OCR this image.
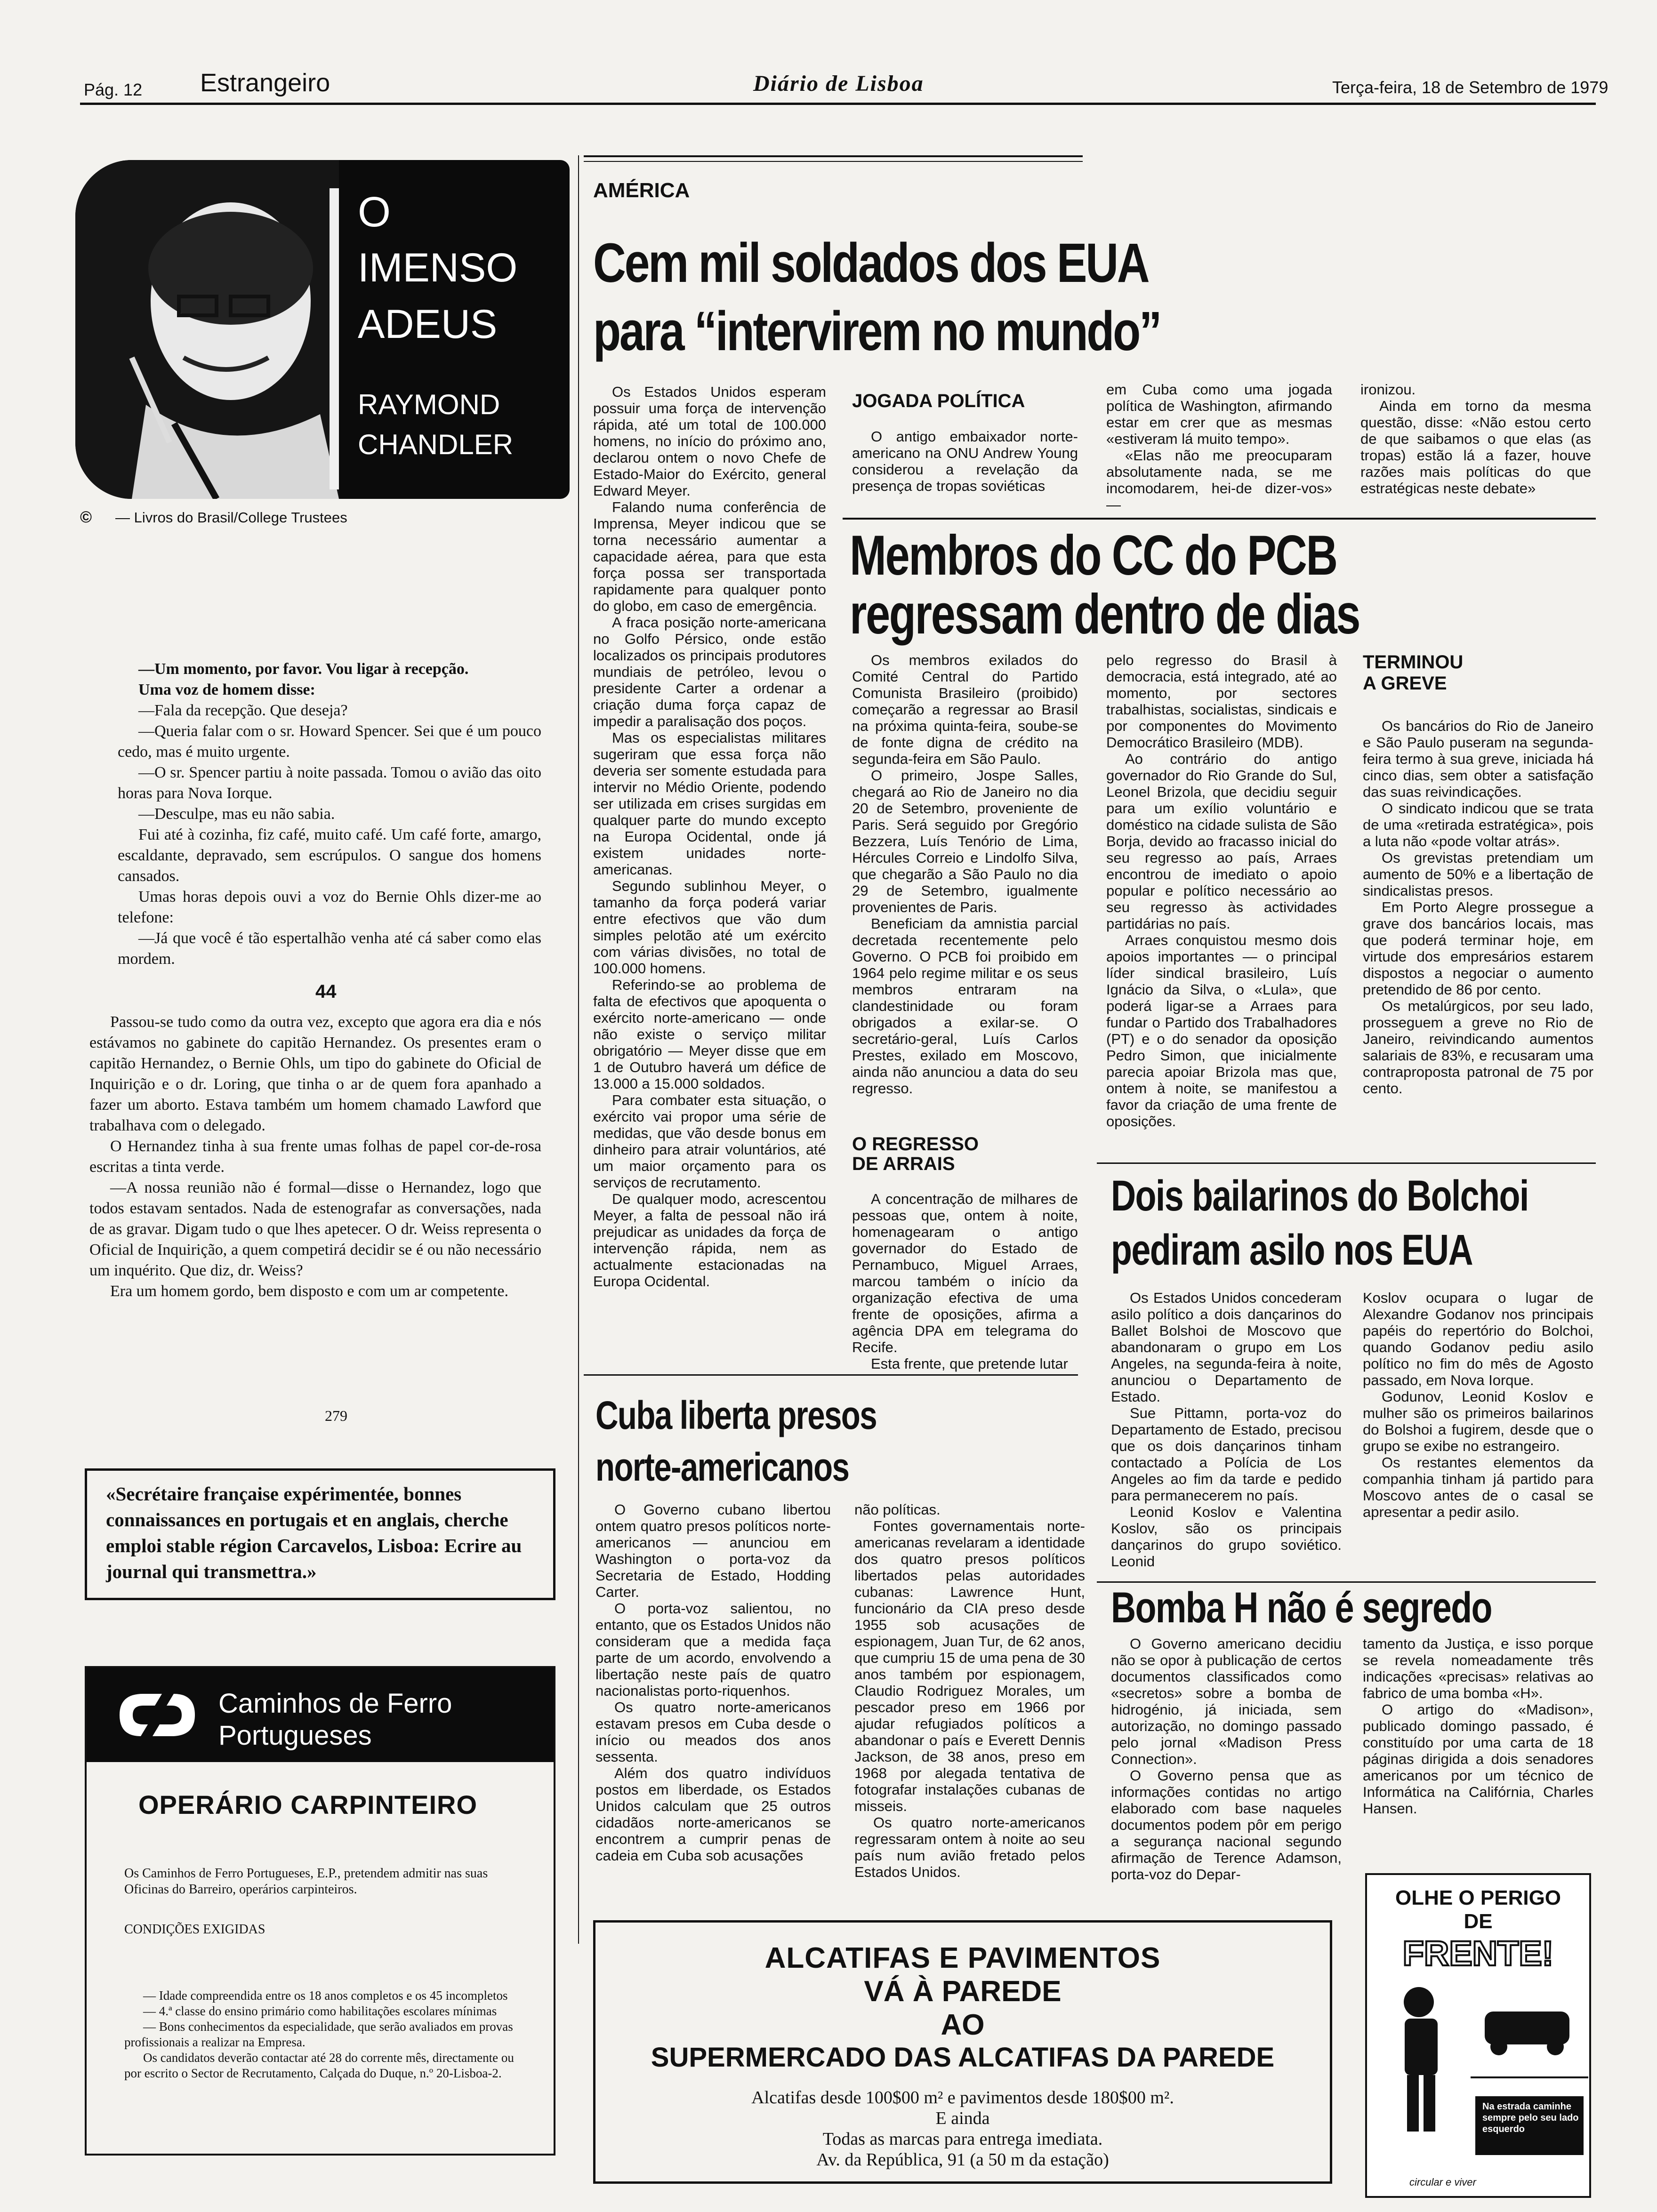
Pág. 12 Estrangeiro	Diário de Lisboa	Terça-feira, 18 de Setembro de 1979
O
IMENSO
ADEUS
RAYMOND
CHANDLER
© — Livros do Brasil/College Trustees

—Um momento, por favor. Vou ligar à recepção.

Uma voz de homem disse:

—Fala da recepção. Que deseja?

—Queria falar com o sr. Howard Spencer. Sei que é um pouco cedo, mas é muito urgente.

—O sr. Spencer partiu à noite passada. Tomou o avião das oito horas para Nova Iorque.

—Desculpe, mas eu não sabia.

Fui até à cozinha, fiz café, muito café. Um café forte, amargo, escaldante, depravado, sem escrúpulos. O sangue dos homens cansados.

Umas horas depois ouvi a voz do Bernie Ohls dizer-me ao telefone:

—Já que você é tão espertalhão venha até cá saber como elas mordem.

44

Passou-se tudo como da outra vez, excepto que agora era dia e nós estávamos no gabinete do capitão Hernandez. Os presentes eram o capitão Hernandez, o Bernie Ohls, um tipo do gabinete do Oficial de Inquirição e o dr. Loring, que tinha o ar de quem fora apanhado a fazer um aborto. Estava também um homem chamado Lawford que trabalhava com o delegado.

O Hernandez tinha à sua frente umas folhas de papel cor-de-rosa escritas a tinta verde.

—A nossa reunião não é formal—disse o Hernandez, logo que todos estavam sentados. Nada de estenografar as conversações, nada de as gravar. Digam tudo o que lhes apetecer. O dr. Weiss representa o Oficial de Inquirição, a quem competirá decidir se é ou não necessário um inquérito. Que diz, dr. Weiss?

Era um homem gordo, bem disposto e com um ar competente.

279
«Secrétaire française expérimentée, bonnes connaissances en portugais et en anglais, cherche emploi stable région Carcavelos, Lisboa: Ecrire au journal qui transmettra.»
Caminhos de Ferro
Portugueses
OPERÁRIO CARPINTEIRO
Os Caminhos de Ferro Portugueses, E.P., pretendem admitir nas suas Oficinas do Barreiro, operários carpinteiros.
CONDIÇÕES EXIGIDAS
— Idade compreendida entre os 18 anos completos e os 45 incompletos
— 4.ª classe do ensino primário como habilitações escolares mínimas
— Bons conhecimentos da especialidade, que serão avaliados em provas profissionais a realizar na Empresa.
Os candidatos deverão contactar até 28 do corrente mês, directamente ou por escrito o Sector de Recrutamento, Calçada do Duque, n.º 20-Lisboa-2.
AMÉRICA
Cem mil soldados dos EUA
para “intervirem no mundo”

Os Estados Unidos esperam possuir uma força de intervenção rápida, até um total de 100.000 homens, no início do próximo ano, declarou ontem o novo Chefe de Estado-Maior do Exército, general Edward Meyer.

Falando numa conferência de Imprensa, Meyer indicou que se torna necessário aumentar a capacidade aérea, para que esta força possa ser transportada rapidamente para qualquer ponto do globo, em caso de emergência.

A fraca posição norte-americana no Golfo Pérsico, onde estão localizados os principais produtores mundiais de petróleo, levou o presidente Carter a ordenar a criação duma força capaz de impedir a paralisação dos poços.

Mas os especialistas militares sugeriram que essa força não deveria ser somente estudada para intervir no Médio Oriente, podendo ser utilizada em crises surgidas em qualquer parte do mundo excepto na Europa Ocidental, onde já existem unidades norte-americanas.

Segundo sublinhou Meyer, o tamanho da força poderá variar entre efectivos que vão dum simples pelotão até um exército com várias divisões, no total de 100.000 homens.

Referindo-se ao problema de falta de efectivos que apoquenta o exército norte-americano — onde não existe o serviço militar obrigatório — Meyer disse que em 1 de Outubro haverá um défice de 13.000 a 15.000 soldados.

Para combater esta situação, o exército vai propor uma série de medidas, que vão desde bonus em dinheiro para atrair voluntários, até um maior orçamento para os serviços de recrutamento.

De qualquer modo, acrescentou Meyer, a falta de pessoal não irá prejudicar as unidades da força de intervenção rápida, nem as actualmente estacionadas na Europa Ocidental.

JOGADA POLÍTICA

O antigo embaixador norte-americano na ONU Andrew Young considerou a revelação da presença de tropas soviéticas

em Cuba como uma jogada política de Washington, afirmando estar em crer que as mesmas «estiveram lá muito tempo».

«Elas não me preocuparam absolutamente nada, se me incomodarem, hei-de dizer-vos» —

ironizou.

Ainda em torno da mesma questão, disse: «Não estou certo de que saibamos o que elas (as tropas) estão lá a fazer, houve razões mais políticas do que estratégicas neste debate»

Membros do CC do PCB
regressam dentro de dias

Os membros exilados do Comité Central do Partido Comunista Brasileiro (proibido) começarão a regressar ao Brasil na próxima quinta-feira, soube-se de fonte digna de crédito na segunda-feira em São Paulo.

O primeiro, Jospe Salles, chegará ao Rio de Janeiro no dia 20 de Setembro, proveniente de Paris. Será seguido por Gregório Bezzera, Luís Tenório de Lima, Hércules Correio e Lindolfo Silva, que chegarão a São Paulo no dia 29 de Setembro, igualmente provenientes de Paris.

Beneficiam da amnistia parcial decretada recentemente pelo Governo. O PCB foi proibido em 1964 pelo regime militar e os seus membros entraram na clandestinidade ou foram obrigados a exilar-se. O secretário-geral, Luís Carlos Prestes, exilado em Moscovo, ainda não anunciou a data do seu regresso.

O REGRESSO DE ARRAIS

A concentração de milhares de pessoas que, ontem à noite, homenagearam o antigo governador do Estado de Pernambuco, Miguel Arraes, marcou também o início da organização efectiva de uma frente de oposições, afirma a agência DPA em telegrama do Recife.

Esta frente, que pretende lutar

pelo regresso do Brasil à democracia, está integrado, até ao momento, por sectores trabalhistas, socialistas, sindicais e por componentes do Movimento Democrático Brasileiro (MDB).

Ao contrário do antigo governador do Rio Grande do Sul, Leonel Brizola, que decidiu seguir para um exílio voluntário e doméstico na cidade sulista de São Borja, devido ao fracasso inicial do seu regresso ao país, Arraes encontrou de imediato o apoio popular e político necessário ao seu regresso às actividades partidárias no país.

Arraes conquistou mesmo dois apoios importantes — o principal líder sindical brasileiro, Luís Ignácio da Silva, o «Lula», que poderá ligar-se a Arraes para fundar o Partido dos Trabalhadores (PT) e o do senador da oposição Pedro Simon, que inicialmente parecia apoiar Brizola mas que, ontem à noite, se manifestou a favor da criação de uma frente de oposições.

TERMINOU
A GREVE

Os bancários do Rio de Janeiro e São Paulo puseram na segunda-feira termo à sua greve, iniciada há cinco dias, sem obter a satisfação das suas reivindicações.

O sindicato indicou que se trata de uma «retirada estratégica», pois a luta não «pode voltar atrás».

Os grevistas pretendiam um aumento de 50% e a libertação de sindicalistas presos.

Em Porto Alegre prossegue a grave dos bancários locais, mas que poderá terminar hoje, em virtude dos empresários estarem dispostos a negociar o aumento pretendido de 86 por cento.

Os metalúrgicos, por seu lado, prosseguem a greve no Rio de Janeiro, reivindicando aumentos salariais de 83%, e recusaram uma contraproposta patronal de 75 por cento.

Dois bailarinos do Bolchoi
pediram asilo nos EUA

Os Estados Unidos concederam asilo político a dois dançarinos do Ballet Bolshoi de Moscovo que abandonaram o grupo em Los Angeles, na segunda-feira à noite, anunciou o Departamento de Estado.

Sue Pittamn, porta-voz do Departamento de Estado, precisou que os dois dançarinos tinham contactado a Polícia de Los Angeles ao fim da tarde e pedido para permanecerem no país.

Leonid Koslov e Valentina Koslov, são os principais dançarinos do grupo soviético. Leonid

Koslov ocupara o lugar de Alexandre Godanov nos principais papéis do repertório do Bolchoi, quando Godanov pediu asilo político no fim do mês de Agosto passado, em Nova Iorque.

Godunov, Leonid Koslov e mulher são os primeiros bailarinos do Bolshoi a fugirem, desde que o grupo se exibe no estrangeiro.

Os restantes elementos da companhia tinham já partido para Moscovo antes de o casal se apresentar a pedir asilo.

Cuba liberta presos
norte-americanos

O Governo cubano libertou ontem quatro presos políticos norte-americanos — anunciou em Washington o porta-voz da Secretaria de Estado, Hodding Carter.

O porta-voz salientou, no entanto, que os Estados Unidos não consideram que a medida faça parte de um acordo, envolvendo a libertação neste país de quatro nacionalistas porto-riquenhos.

Os quatro norte-americanos estavam presos em Cuba desde o início ou meados dos anos sessenta.

Além dos quatro indivíduos postos em liberdade, os Estados Unidos calculam que 25 outros cidadãos norte-americanos se encontrem a cumprir penas de cadeia em Cuba sob acusações

não políticas.

Fontes governamentais norte-americanas revelaram a identidade dos quatro presos políticos libertados pelas autoridades cubanas: Lawrence Hunt, funcionário da CIA preso desde 1955 sob acusações de espionagem, Juan Tur, de 62 anos, que cumpriu 15 de uma pena de 30 anos também por espionagem, Claudio Rodriguez Morales, um pescador preso em 1966 por ajudar refugiados políticos a abandonar o país e Everett Dennis Jackson, de 38 anos, preso em 1968 por alegada tentativa de fotografar instalações cubanas de misseis.

Os quatro norte-americanos regressaram ontem à noite ao seu país num avião fretado pelos Estados Unidos.

Bomba H não é segredo

O Governo americano decidiu não se opor à publicação de certos documentos classificados como «secretos» sobre a bomba de hidrogénio, já iniciada, sem autorização, no domingo passado pelo jornal «Madison Press Connection».

O Governo pensa que as informações contidas no artigo elaborado com base naqueles documentos podem pôr em perigo a segurança nacional segundo afirmação de Terence Adamson, porta-voz do Depar-

tamento da Justiça, e isso porque se revela nomeadamente três indicações «precisas» relativas ao fabrico de uma bomba «H».

O artigo do «Madison», publicado domingo passado, é constituído por uma carta de 18 páginas dirigida a dois senadores americanos por um técnico de Informática na Califórnia, Charles Hansen.

ALCATIFAS E PAVIMENTOS
VÁ À PAREDE
AO
SUPERMERCADO DAS ALCATIFAS DA PAREDE
Alcatifas desde 100$00 m² e pavimentos desde 180$00 m².
E ainda
Todas as marcas para entrega imediata.
Av. da República, 91 (a 50 m da estação)
OLHE O PERIGO
DE
FRENTE!
Na estrada caminhe sempre pelo seu lado esquerdo
circular e viver
